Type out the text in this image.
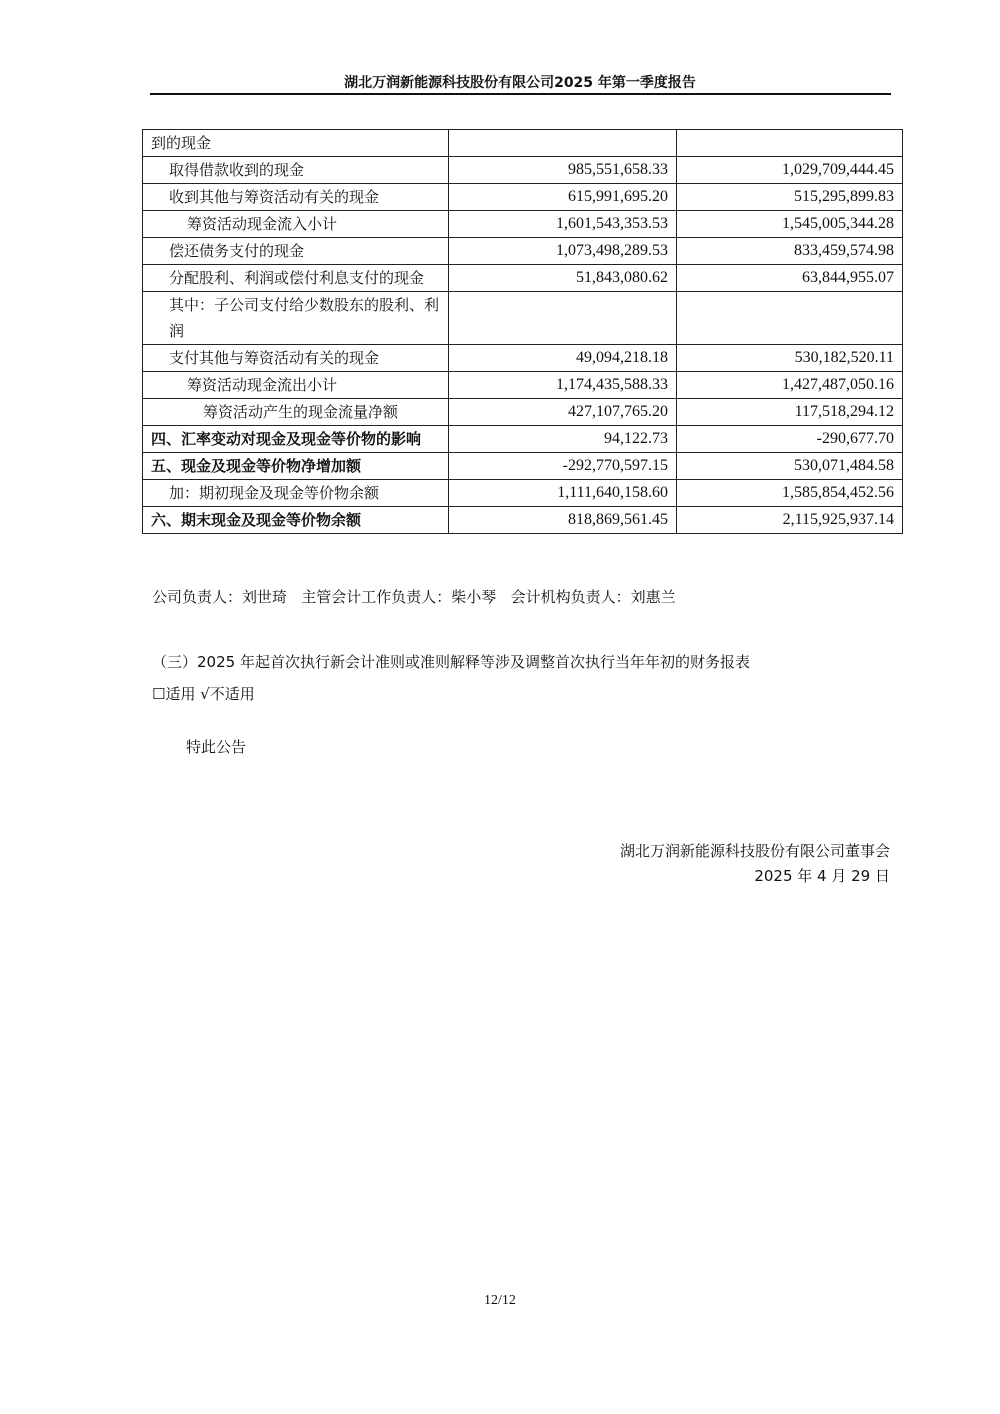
湖北万润新能源科技股份有限公司2025 年第一季度报告
到的现金		
取得借款收到的现金	985,551,658.33	1,029,709,444.45
收到其他与筹资活动有关的现金	615,991,695.20	515,295,899.83
筹资活动现金流入小计	1,601,543,353.53	1,545,005,344.28
偿还债务支付的现金	1,073,498,289.53	833,459,574.98
分配股利、利润或偿付利息支付的现金	51,843,080.62	63,844,955.07
其中：子公司支付给少数股东的股利、利润		
支付其他与筹资活动有关的现金	49,094,218.18	530,182,520.11
筹资活动现金流出小计	1,174,435,588.33	1,427,487,050.16
筹资活动产生的现金流量净额	427,107,765.20	117,518,294.12
四、汇率变动对现金及现金等价物的影响	94,122.73	-290,677.70
五、现金及现金等价物净增加额	-292,770,597.15	530,071,484.58
加：期初现金及现金等价物余额	1,111,640,158.60	1,585,854,452.56
六、期末现金及现金等价物余额	818,869,561.45	2,115,925,937.14
公司负责人：刘世琦   主管会计工作负责人：柴小琴   会计机构负责人：刘惠兰
（三）2025 年起首次执行新会计准则或准则解释等涉及调整首次执行当年年初的财务报表
☐适用 √不适用
特此公告
湖北万润新能源科技股份有限公司董事会
2025 年 4 月 29 日
12/12
